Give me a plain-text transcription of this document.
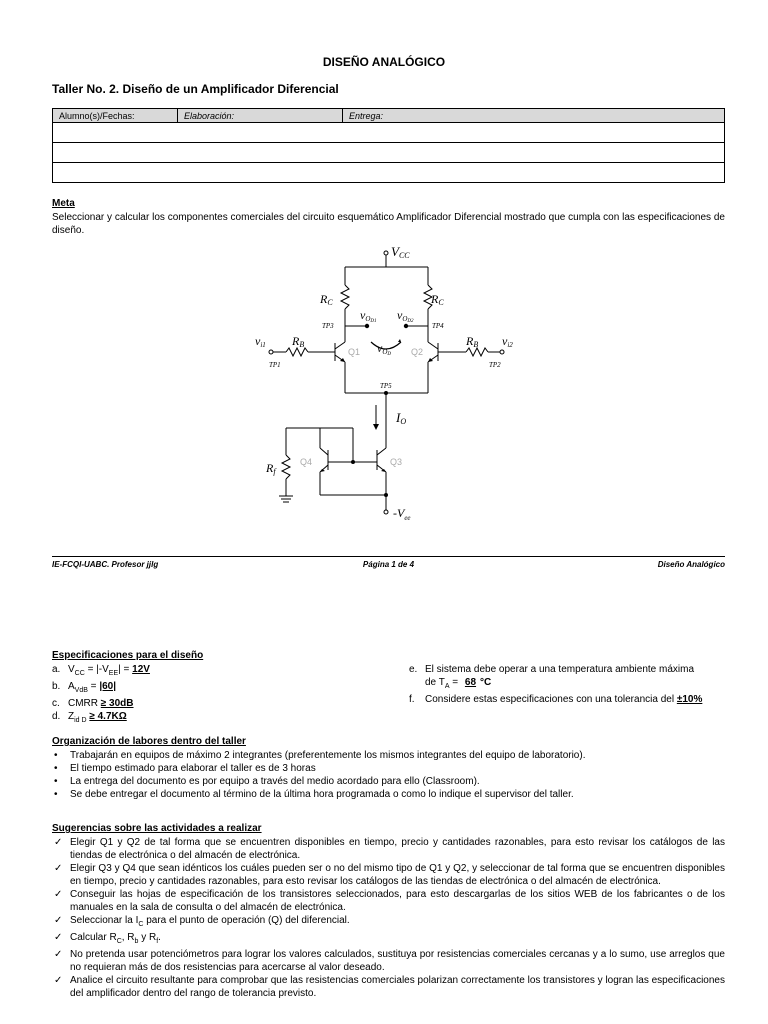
DISEÑO ANALÓGICO
Taller No. 2. Diseño de un Amplificador Diferencial
Alumno(s)/Fechas:	Elaboración:	Entrega:

Meta
Seleccionar y calcular los componentes comerciales del circuito esquemático Amplificador Diferencial mostrado que cumpla con las especificaciones de diseño.
VCC
RC	RC
RB	RB
Rf
vOD1 vOD2
vOD
vi1	vi2
IO
$-V_{ee}$
TP3	TP4
TP1	TP2
TP5
Q1	Q2
Q3
Q4
IE-FCQI-UABC. Profesor jjlg	Página 1 de 4	Diseño Analógico
Especificaciones para el diseño
a. $V_{CC} = |-V_{EE}| = 12V$
b. $A_{VdB} = |60|$
c. CMRR ≥ 30dB
d. $Z_{id D} \ge 4.7K\Omega$
e. El sistema debe operar a una temperatura ambiente máxima
de $T_A = 68$ °C
f. Considere estas especificaciones con una tolerancia del ±10%
Organización de labores dentro del taller
• Trabajarán en equipos de máximo 2 integrantes (preferentemente los mismos integrantes del equipo de laboratorio).
• El tiempo estimado para elaborar el taller es de 3 horas
• La entrega del documento es por equipo a través del medio acordado para ello (Classroom).
• Se debe entregar el documento al término de la última hora programada o como lo indique el supervisor del taller.
Sugerencias sobre las actividades a realizar
✓ Elegir Q1 y Q2 de tal forma que se encuentren disponibles en tiempo, precio y cantidades razonables, para esto revisar los catálogos de las tiendas de electrónica o del almacén de electrónica.
✓ Elegir Q3 y Q4 que sean idénticos los cuáles pueden ser o no del mismo tipo de Q1 y Q2, y seleccionar de tal forma que se encuentren disponibles en tiempo, precio y cantidades razonables, para esto revisar los catálogos de las tiendas de electrónica o del almacén de electrónica.
✓ Conseguir las hojas de especificación de los transistores seleccionados, para esto descargarlas de los sitios WEB de los fabricantes o de los manuales en la sala de consulta o del almacén de electrónica.
✓ Seleccionar la $I_C$ para el punto de operación (Q) del diferencial.
✓ Calcular $R_C$, $R_b$ y $R_f$.
✓ No pretenda usar potenciómetros para lograr los valores calculados, sustituya por resistencias comerciales cercanas y a lo sumo, use arreglos que no requieran más de dos resistencias para acercarse al valor deseado.
✓ Analice el circuito resultante para comprobar que las resistencias comerciales polarizan correctamente los transistores y logran las especificaciones del amplificador dentro del rango de tolerancia previsto.
